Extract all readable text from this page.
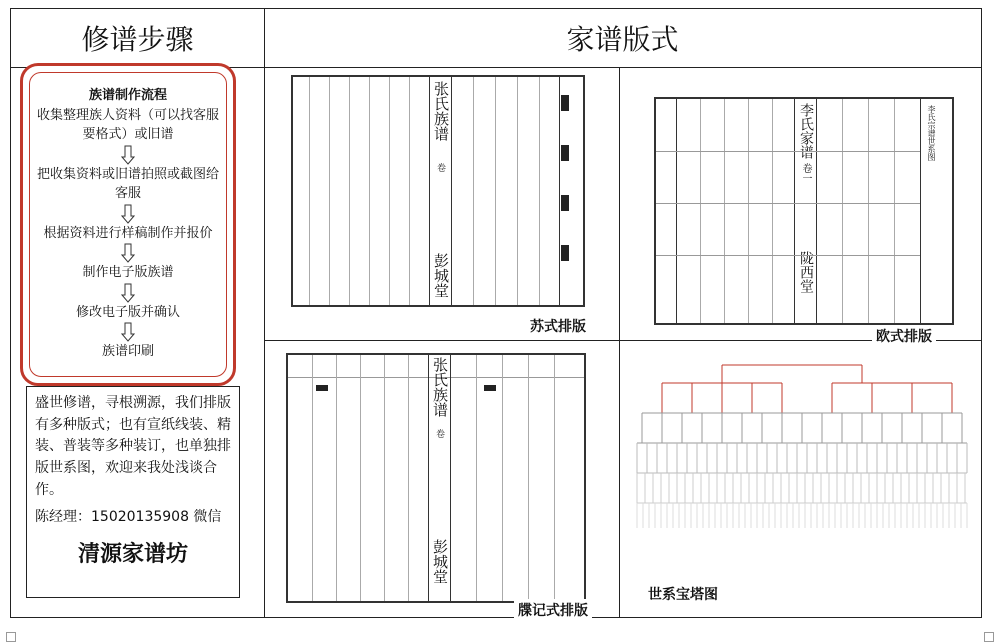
修谱步骤	家谱版式
张氏族谱
卷
彭城堂

苏式排版
李氏家谱
卷一
陇西堂
李氏宗谱世系图
欧式排版
张氏族谱
卷
彭城堂
牒记式排版
世系宝塔图
族谱制作流程
收集整理族人资料（可以找客服要格式）或旧谱
把收集资料或旧谱拍照或截图给客服
根据资料进行样稿制作并报价
制作电子版族谱
修改电子版并确认
族谱印刷
盛世修谱，寻根溯源，我们排版有多种版式；也有宣纸线装、精装、普装等多种装订，也单独排版世系图，欢迎来我处浅谈合作。
陈经理：15020135908 微信
清源家谱坊
